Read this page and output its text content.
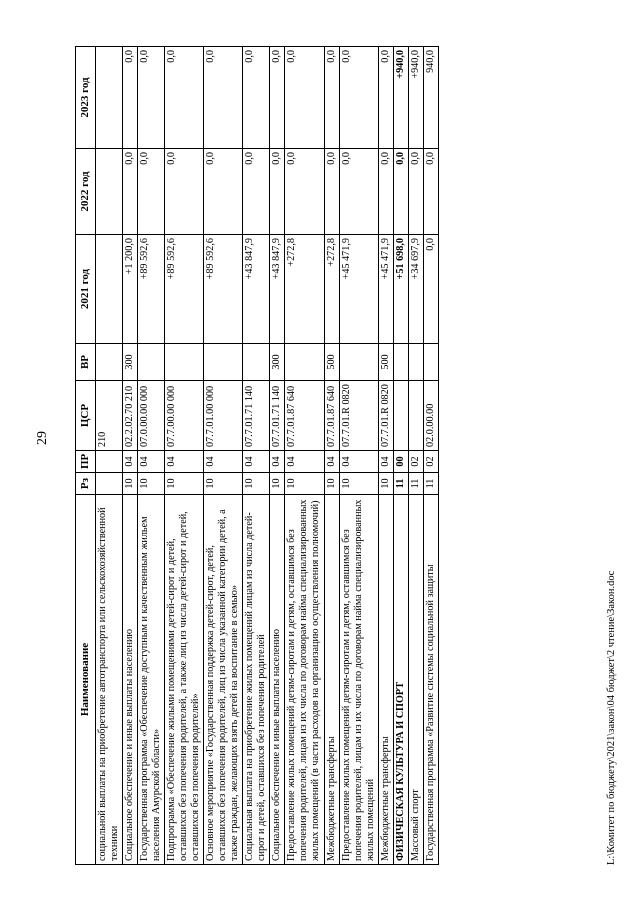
29
Наименование	Рз	ПР	ЦСР	ВР	2021 год	2022 год	2023 год
социальной выплаты на приобретение автотранспорта или сельскохозяйственной техники			210				
Социальное обеспечение и иные выплаты населению	10	04	02.2.02.70 210	300	+1 200,0	0,0	0,0
Государственная программа «Обеспечение доступным и качественным жильем населения Амурской области»	10	04	07.0.00.00 000		+89 592,6	0,0	0,0
Подпрограмма «Обеспечение жилыми помещениями детей-сирот и детей, оставшихся без попечения родителей, а также лиц из числа детей-сирот и детей, оставшихся без попечения родителей»	10	04	07.7.00.00 000		+89 592,6	0,0	0,0
Основное мероприятие «Государственная поддержка детей-сирот, детей, оставшихся без попечения родителей, лиц из числа указанной категории детей, а также граждан, желающих взять детей на воспитание в семью»	10	04	07.7.01.00 000		+89 592,6	0,0	0,0
Социальная выплата на приобретение жилых помещений лицам из числа детей-сирот и детей, оставшихся без попечения родителей	10	04	07.7.01.71 140		+43 847,9	0,0	0,0
Социальное обеспечение и иные выплаты населению	10	04	07.7.01.71 140	300	+43 847,9	0,0	0,0
Предоставление жилых помещений детям-сиротам и детям, оставшимся без попечения родителей, лицам из их числа по договорам найма специализированных жилых помещений (в части расходов на организацию осуществления полномочий)	10	04	07.7.01.87 640		+272,8	0,0	0,0
Межбюджетные трансферты	10	04	07.7.01.87 640	500	+272,8	0,0	0,0
Предоставление жилых помещений детям-сиротам и детям, оставшимся без попечения родителей, лицам из их числа по договорам найма специализированных жилых помещений	10	04	07.7.01.R 0820		+45 471,9	0,0	0,0
Межбюджетные трансферты	10	04	07.7.01.R 0820	500	+45 471,9	0,0	0,0
ФИЗИЧЕСКАЯ КУЛЬТУРА И СПОРТ	11	00			+51 698,0	0,0	+940,0
Массовый спорт	11	02			+34 697,9	0,0	+940,0
Государственная программа «Развитие системы социальной защиты	11	02	02.0.00.00		0,0	0,0	940,0
L:\Комитет по бюджету\2021\закон\04 бюджет\2 чтение\Закон.doc
